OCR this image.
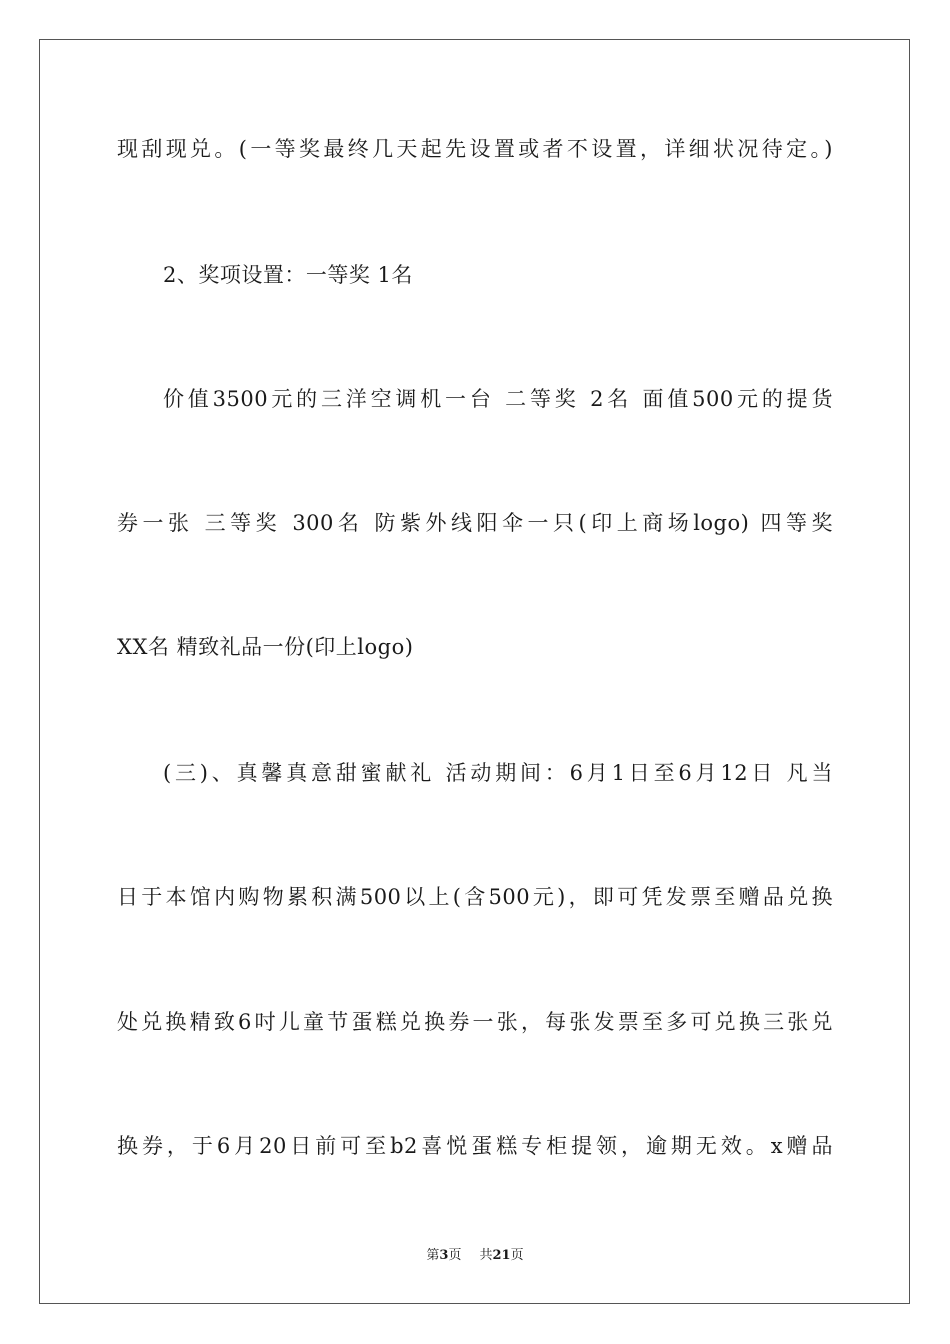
现刮现兑。(一等奖最终几天起先设置或者不设置，详细状况待定。)
2、奖项设置：一等奖 1名
价值3500元的三洋空调机一台 二等奖 2名 面值500元的提货
券一张 三等奖 300名 防紫外线阳伞一只(印上商场logo) 四等奖
XX名 精致礼品一份(印上logo)
(三)、真馨真意甜蜜献礼 活动期间：6月1日至6月12日 凡当
日于本馆内购物累积满500以上(含500元)，即可凭发票至赠品兑换
处兑换精致6吋儿童节蛋糕兑换券一张，每张发票至多可兑换三张兑
换券，于6月20日前可至b2喜悦蛋糕专柜提领，逾期无效。x赠品
第3页 共21页
